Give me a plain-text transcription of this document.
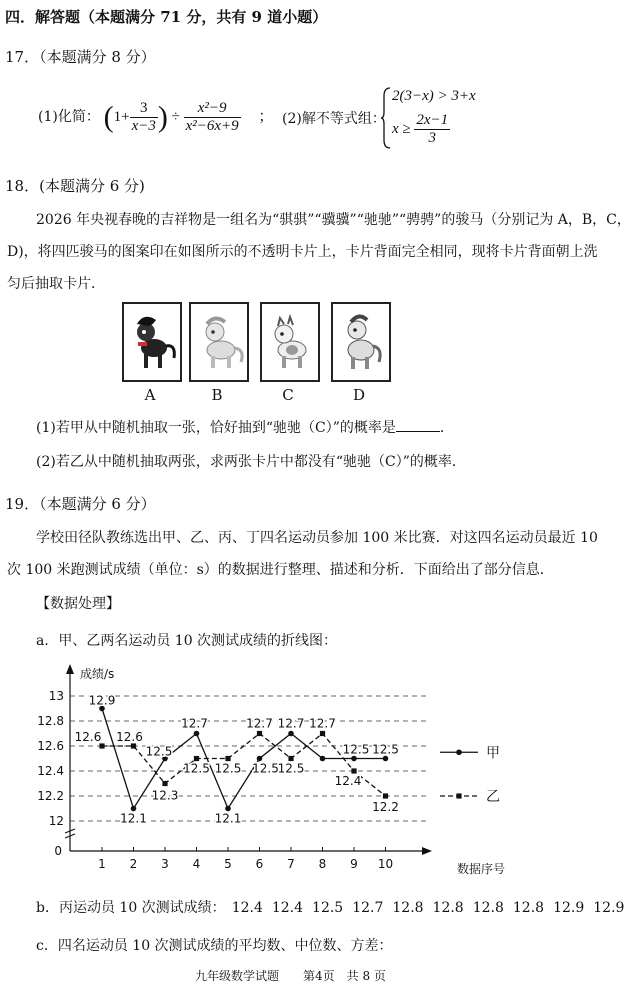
四．解答题（本题满分 71 分，共有 9 道小题）
17．（本题满分 8 分）
(1)化简： ($1+ \frac{3}{x-3}$ ) ÷ $\frac{\text{x²−9}}{\text{x²−6x+9}}$ ； (2)解不等式组：
2(3−x) > 3+x
$x \ge \frac{2x-1}{3}$
18．(本题满分 6 分)
2026 年央视春晚的吉祥物是一组名为“骐骐”“骥骥”“驰驰”“骋骋”的骏马（分别记为 A，B，C，
D)，将四匹骏马的图案印在如图所示的不透明卡片上，卡片背面完全相同，现将卡片背面朝上洗
匀后抽取卡片．
A	B	C	D
(1)若甲从中随机抽取一张，恰好抽到“驰驰（C）”的概率是	．
(2)若乙从中随机抽取两张，求两张卡片中都没有“驰驰（C）”的概率．
19．（本题满分 6 分）
学校田径队教练选出甲、乙、丙、丁四名运动员参加 100 米比赛．对这四名运动员最近 10
次 100 米跑测试成绩（单位：s）的数据进行整理、描述和分析．下面给出了部分信息．
【数据处理】
a．甲、乙两名运动员 10 次测试成绩的折线图：
成绩/s
13
12.8
12.6
12.4
12.2
12
0
1 2 3 4 5 6 7 8 9 10	数据序号
12.9
12.6 12.6
12.1
12.5
12.3
12.7
12.5 12.5
12.1
12.7
12.5
12.7
12.5
12.7
12.5
12.4
12.5
12.2
甲
乙
b．丙运动员 10 次测试成绩： 12.4 12.4 12.5 12.7 12.8 12.8 12.8 12.8 12.9 12.9
c．四名运动员 10 次测试成绩的平均数、中位数、方差：
九年级数学试题　　第4页　共 8 页
